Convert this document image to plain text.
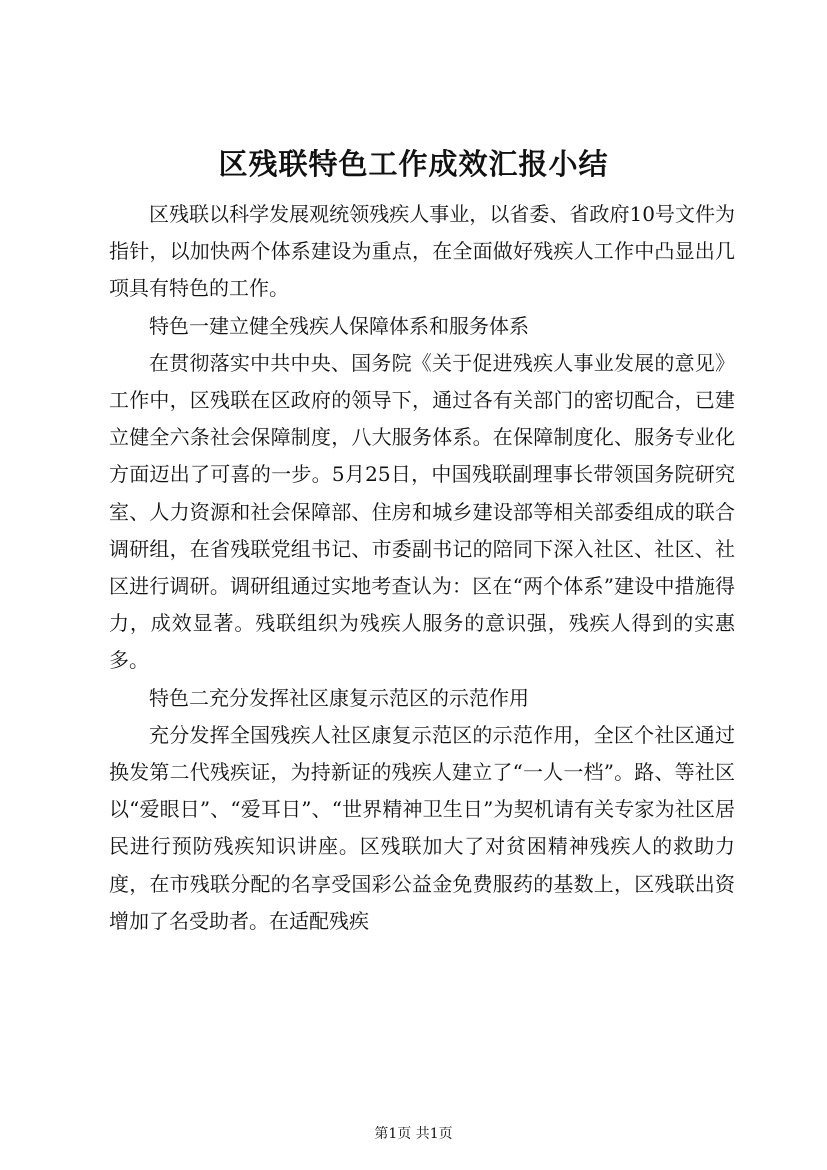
区残联特色工作成效汇报小结

区残联以科学发展观统领残疾人事业，以省委、省政府10号文件为指针，以加快两个体系建设为重点，在全面做好残疾人工作中凸显出几项具有特色的工作。

特色一建立健全残疾人保障体系和服务体系

在贯彻落实中共中央、国务院《关于促进残疾人事业发展的意见》工作中，区残联在区政府的领导下，通过各有关部门的密切配合，已建立健全六条社会保障制度，八大服务体系。在保障制度化、服务专业化方面迈出了可喜的一步。5月25日，中国残联副理事长带领国务院研究室、人力资源和社会保障部、住房和城乡建设部等相关部委组成的联合调研组，在省残联党组书记、市委副书记的陪同下深入社区、社区、社区进行调研。调研组通过实地考查认为：区在“两个体系”建设中措施得力，成效显著。残联组织为残疾人服务的意识强，残疾人得到的实惠多。

特色二充分发挥社区康复示范区的示范作用

充分发挥全国残疾人社区康复示范区的示范作用，全区个社区通过换发第二代残疾证，为持新证的残疾人建立了“一人一档”。路、等社区以“爱眼日”、“爱耳日”、“世界精神卫生日”为契机请有关专家为社区居民进行预防残疾知识讲座。区残联加大了对贫困精神残疾人的救助力度，在市残联分配的名享受国彩公益金免费服药的基数上，区残联出资增加了名受助者。在适配残疾

第1页 共1页
